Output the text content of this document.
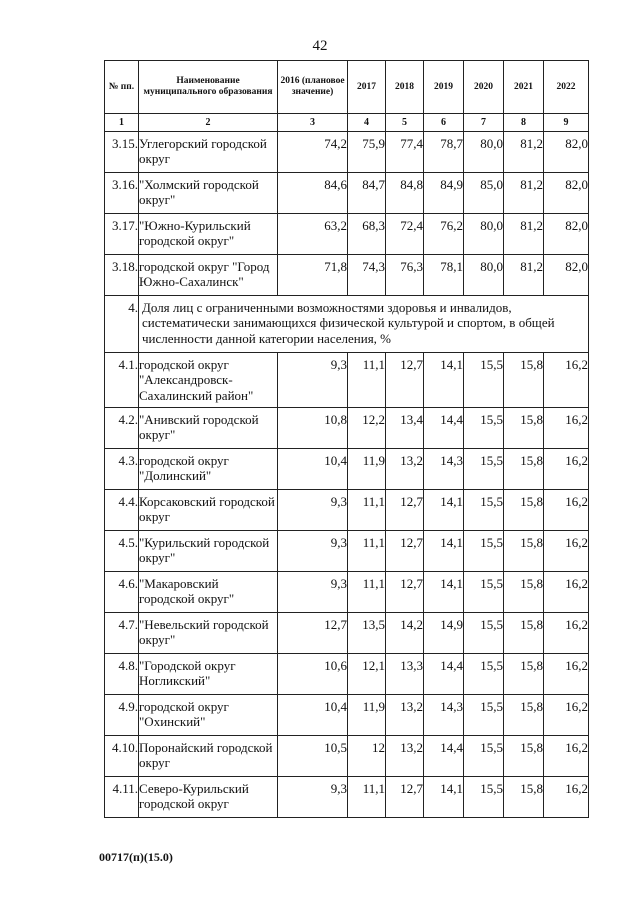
42
№ пп.	Наименование муниципального образования	2016 (плановое значение)	2017	2018	2019	2020	2021	2022
1	2	3	4	5	6	7	8	9
3.15.	Углегорский городской округ	74,2	75,9	77,4	78,7	80,0	81,2	82,0
3.16.	"Холмский городской округ"	84,6	84,7	84,8	84,9	85,0	81,2	82,0
3.17.	"Южно-Курильский городской округ"	63,2	68,3	72,4	76,2	80,0	81,2	82,0
3.18.	городской округ "Город Южно-Сахалинск"	71,8	74,3	76,3	78,1	80,0	81,2	82,0
4.	Доля лиц с ограниченными возможностями здоровья и инвалидов, систематически занимающихся физической культурой и спортом, в общей численности данной категории населения, %							
4.1.	городской округ "Александровск-Сахалинский район"	9,3	11,1	12,7	14,1	15,5	15,8	16,2
4.2.	"Анивский городской округ"	10,8	12,2	13,4	14,4	15,5	15,8	16,2
4.3.	городской округ "Долинский"	10,4	11,9	13,2	14,3	15,5	15,8	16,2
4.4.	Корсаковский городской округ	9,3	11,1	12,7	14,1	15,5	15,8	16,2
4.5.	"Курильский городской округ"	9,3	11,1	12,7	14,1	15,5	15,8	16,2
4.6.	"Макаровский городской округ"	9,3	11,1	12,7	14,1	15,5	15,8	16,2
4.7.	"Невельский городской округ"	12,7	13,5	14,2	14,9	15,5	15,8	16,2
4.8.	"Городской округ Ногликский"	10,6	12,1	13,3	14,4	15,5	15,8	16,2
4.9.	городской округ "Охинский"	10,4	11,9	13,2	14,3	15,5	15,8	16,2
4.10.	Поронайский городской округ	10,5	12	13,2	14,4	15,5	15,8	16,2
4.11.	Северо-Курильский городской округ	9,3	11,1	12,7	14,1	15,5	15,8	16,2
00717(п)(15.0)
